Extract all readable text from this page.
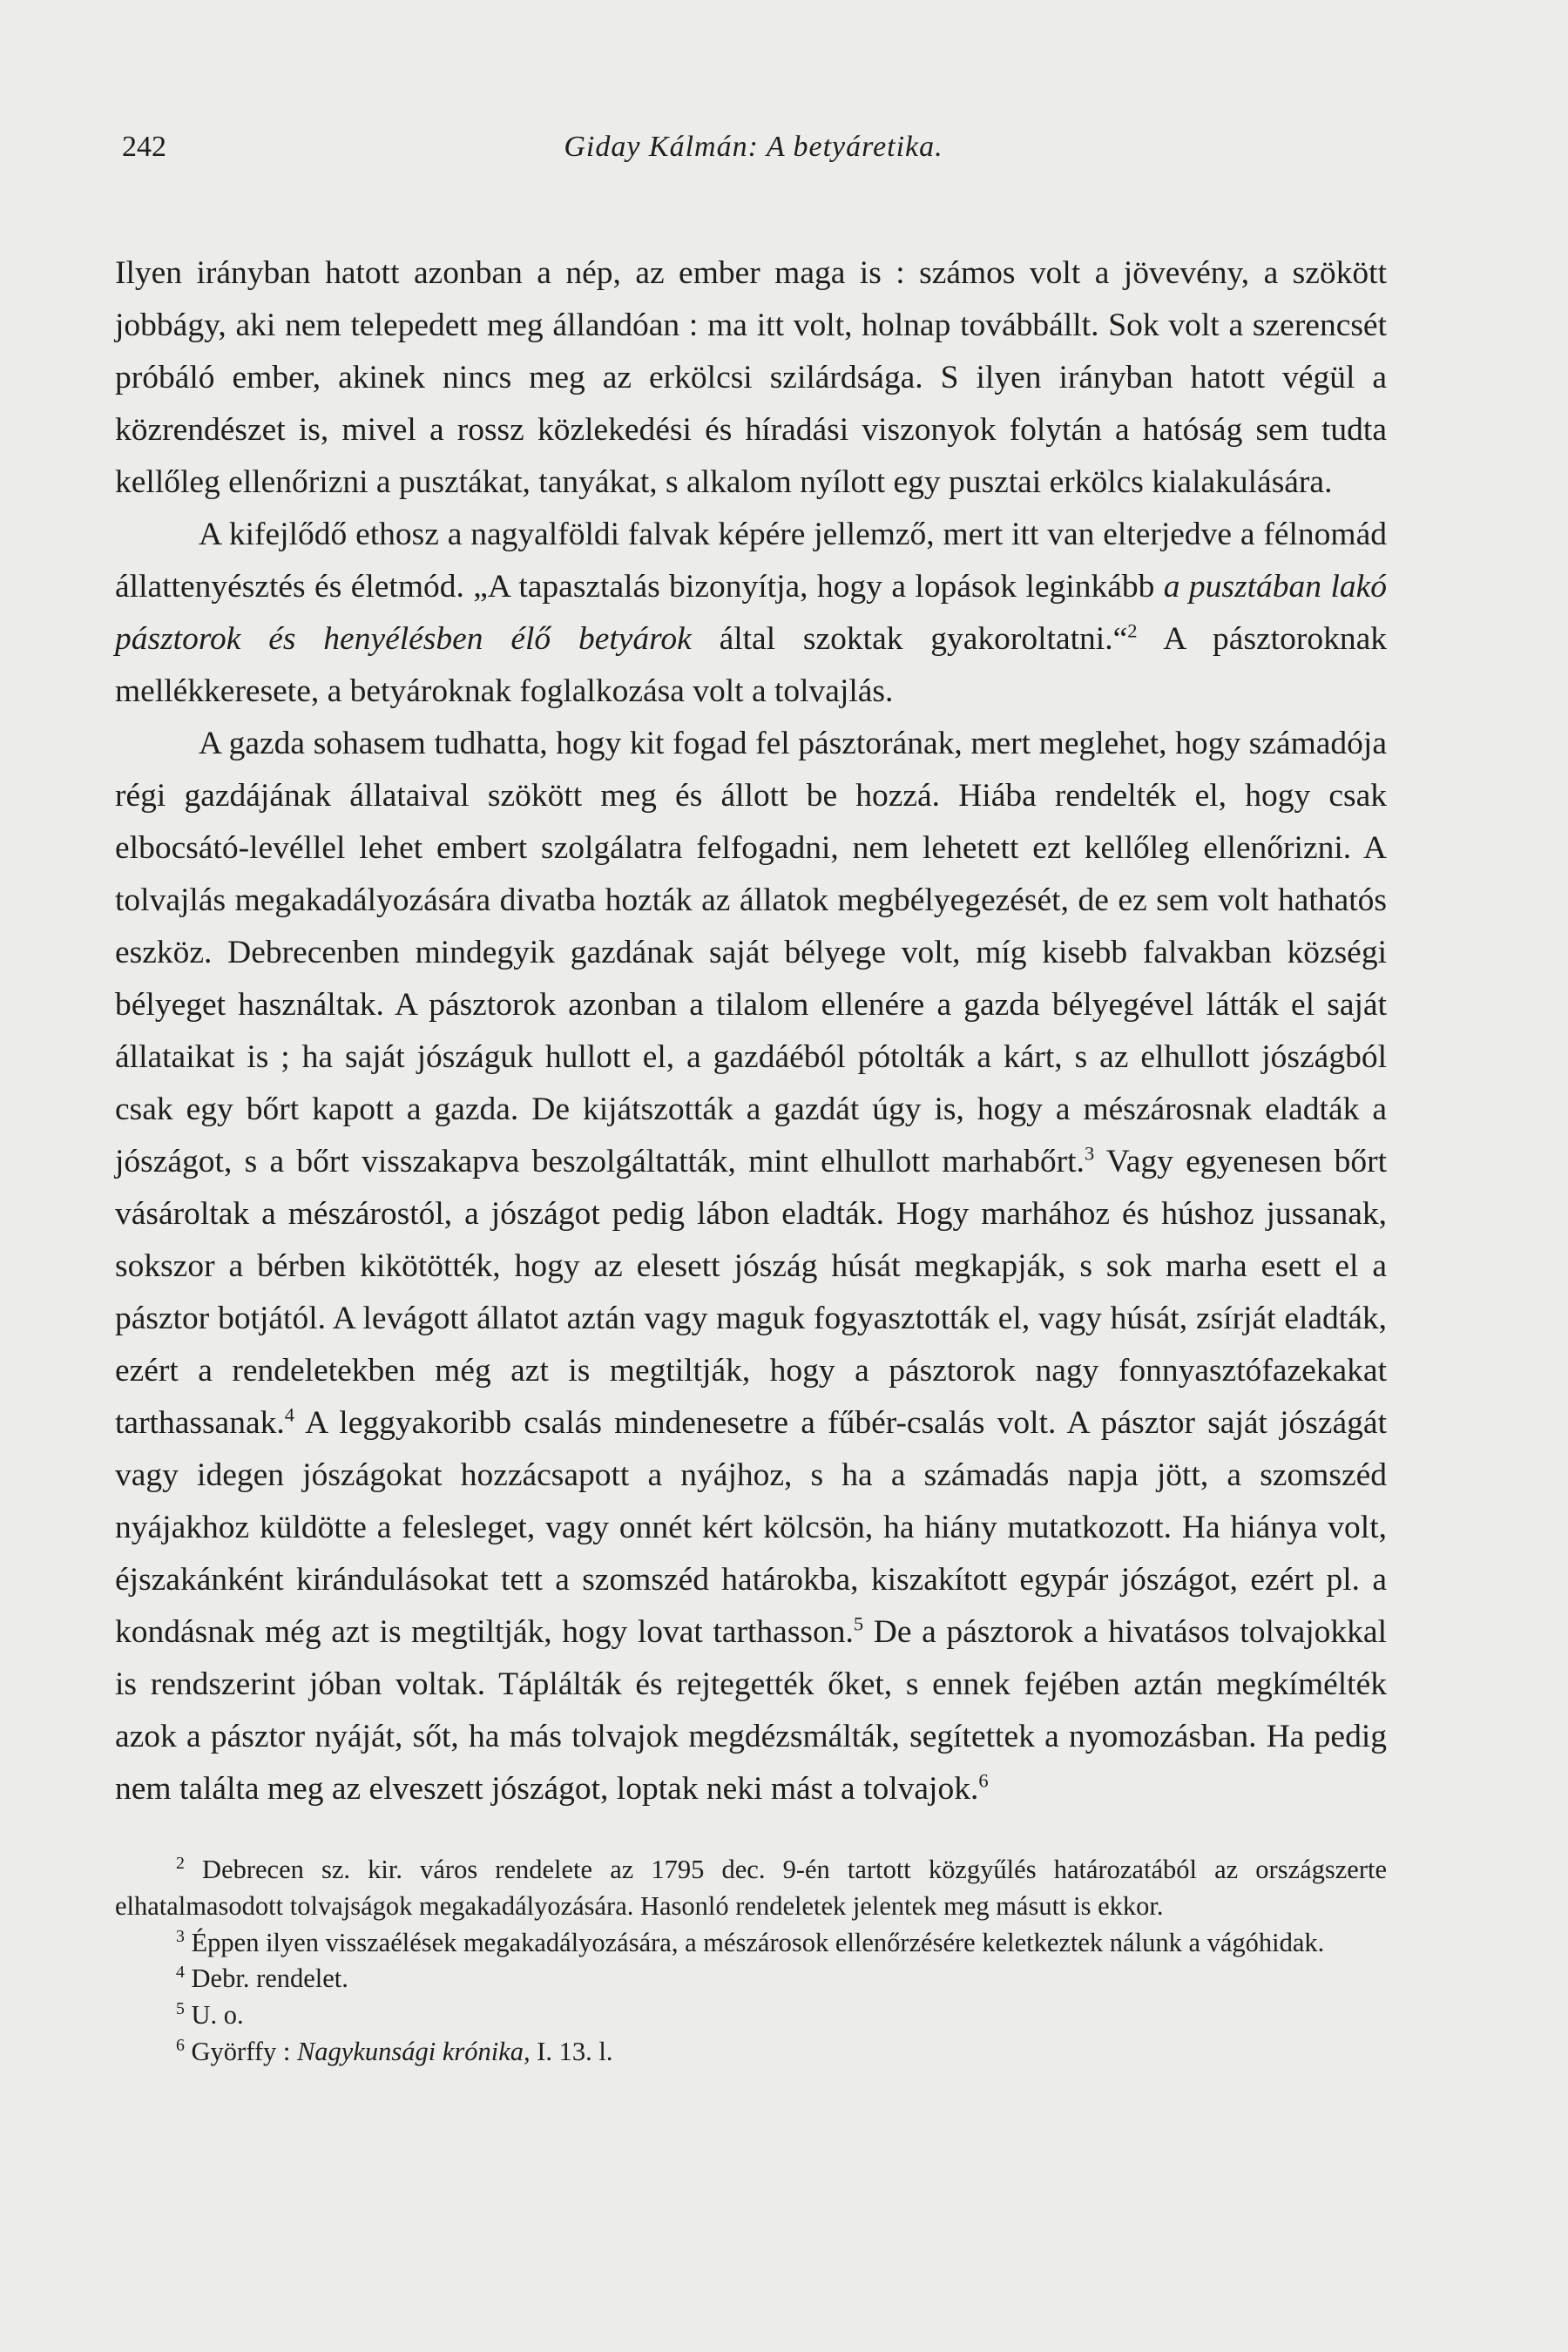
242	Giday Kálmán: A betyáretika.

Ilyen irányban hatott azonban a nép, az ember maga is : számos volt a jövevény, a szökött jobbágy, aki nem telepedett meg állandóan : ma itt volt, holnap továbbállt. Sok volt a szerencsét próbáló ember, akinek nincs meg az erkölcsi szilárdsága. S ilyen irányban hatott végül a közrendészet is, mivel a rossz közlekedési és híradási viszonyok folytán a hatóság sem tudta kellőleg ellenőrizni a pusztákat, tanyákat, s alkalom nyílott egy pusztai erkölcs kialakulására.

A kifejlődő ethosz a nagyalföldi falvak képére jellemző, mert itt van elterjedve a félnomád állattenyésztés és életmód. „A tapasztalás bizonyítja, hogy a lopások leginkább a pusztában lakó pásztorok és henyélésben élő betyárok által szoktak gyakoroltatni.“$^2$ A pásztoroknak mellékkeresete, a betyároknak foglalkozása volt a tolvajlás.

A gazda sohasem tudhatta, hogy kit fogad fel pásztorának, mert meglehet, hogy számadója régi gazdájának állataival szökött meg és állott be hozzá. Hiába rendelték el, hogy csak elbocsátó-levéllel lehet embert szolgálatra felfogadni, nem lehetett ezt kellőleg ellenőrizni. A tolvajlás megakadályozására divatba hozták az állatok megbélyegezését, de ez sem volt hathatós eszköz. Debrecenben mindegyik gazdának saját bélyege volt, míg kisebb falvakban községi bélyeget használtak. A pásztorok azonban a tilalom ellenére a gazda bélyegével látták el saját állataikat is ; ha saját jószáguk hullott el, a gazdáéból pótolták a kárt, s az elhullott jószágból csak egy bőrt kapott a gazda. De kijátszották a gazdát úgy is, hogy a mészárosnak eladták a jószágot, s a bőrt visszakapva beszolgáltatták, mint elhullott marhabőrt.$^3$ Vagy egyenesen bőrt vásároltak a mészárostól, a jószágot pedig lábon eladták. Hogy marhához és húshoz jussanak, sokszor a bérben kikötötték, hogy az elesett jószág húsát megkapják, s sok marha esett el a pásztor botjától. A levágott állatot aztán vagy maguk fogyasztották el, vagy húsát, zsírját eladták, ezért a rendeletekben még azt is megtiltják, hogy a pásztorok nagy fonnyasztófazekakat tarthassanak.$^4$ A leggyakoribb csalás mindenesetre a fűbér-csalás volt. A pásztor saját jószágát vagy idegen jószágokat hozzácsapott a nyájhoz, s ha a számadás napja jött, a szomszéd nyájakhoz küldötte a felesleget, vagy onnét kért kölcsön, ha hiány mutatkozott. Ha hiánya volt, éjszakánként kirándulásokat tett a szomszéd határokba, kiszakított egypár jószágot, ezért pl. a kondásnak még azt is megtiltják, hogy lovat tarthasson.$^5$ De a pásztorok a hivatásos tolvajokkal is rendszerint jóban voltak. Táplálták és rejtegették őket, s ennek fejében aztán megkímélték azok a pásztor nyáját, sőt, ha más tolvajok megdézsmálták, segítettek a nyomozásban. Ha pedig nem találta meg az elveszett jószágot, loptak neki mást a tolvajok.$^6$

$^2$ Debrecen sz. kir. város rendelete az 1795 dec. 9-én tartott közgyűlés határozatából az országszerte elhatalmasodott tolvajságok megakadályozására. Hasonló rendeletek jelentek meg másutt is ekkor.

$^3$ Éppen ilyen visszaélések megakadályozására, a mészárosok ellenőrzésére keletkeztek nálunk a vágóhidak.

$^4$ Debr. rendelet.

$^5$ U. o.

$^6$ Györffy : Nagykunsági krónika, I. 13. l.
